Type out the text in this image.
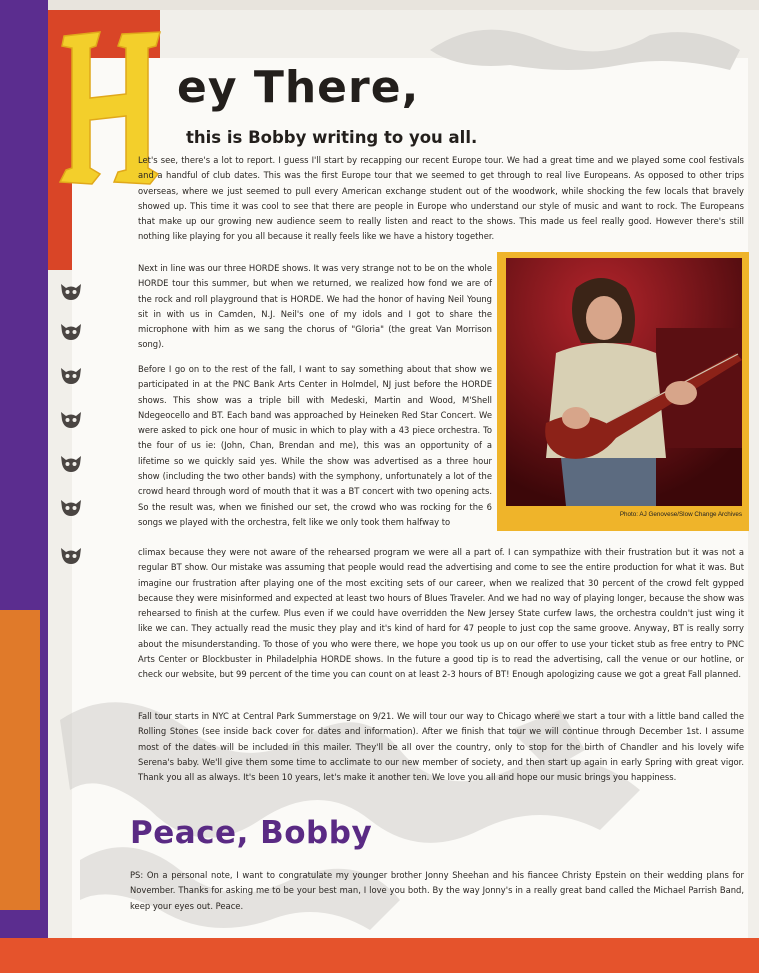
ey There,
this is Bobby writing to you all.

Let's see, there's a lot to report. I guess I'll start by recapping our recent Europe tour. We had a great time and we played some cool festivals and a handful of club dates. This was the first Europe tour that we seemed to get through to real live Europeans. As opposed to other trips overseas, where we just seemed to pull every American exchange student out of the woodwork, while shocking the few locals that bravely showed up. This time it was cool to see that there are people in Europe who understand our style of music and want to rock. The Europeans that make up our growing new audience seem to really listen and react to the shows. This made us feel really good. However there's still nothing like playing for you all because it really feels like we have a history together.

Next in line was our three HORDE shows. It was very strange not to be on the whole HORDE tour this summer, but when we returned, we realized how fond we are of the rock and roll playground that is HORDE. We had the honor of having Neil Young sit in with us in Camden, N.J. Neil's one of my idols and I got to share the microphone with him as we sang the chorus of "Gloria" (the great Van Morrison song).

Before I go on to the rest of the fall, I want to say something about that show we participated in at the PNC Bank Arts Center in Holmdel, NJ just before the HORDE shows. This show was a triple bill with Medeski, Martin and Wood, M'Shell Ndegeocello and BT. Each band was approached by Heineken Red Star Concert. We were asked to pick one hour of music in which to play with a 43 piece orchestra. To the four of us ie: (John, Chan, Brendan and me), this was an opportunity of a lifetime so we quickly said yes. While the show was advertised as a three hour show (including the two other bands) with the symphony, unfortunately a lot of the crowd heard through word of mouth that it was a BT concert with two opening acts. So the result was, when we finished our set, the crowd who was rocking for the 6 songs we played with the orchestra, felt like we only took them halfway to

climax because they were not aware of the rehearsed program we were all a part of. I can sympathize with their frustration but it was not a regular BT show. Our mistake was assuming that people would read the advertising and come to see the entire production for what it was. But imagine our frustration after playing one of the most exciting sets of our career, when we realized that 30 percent of the crowd felt gypped because they were misinformed and expected at least two hours of Blues Traveler. And we had no way of playing longer, because the show was rehearsed to finish at the curfew. Plus even if we could have overridden the New Jersey State curfew laws, the orchestra couldn't just wing it like we can. They actually read the music they play and it's kind of hard for 47 people to just cop the same groove. Anyway, BT is really sorry about the misunderstanding. To those of you who were there, we hope you took us up on our offer to use your ticket stub as free entry to PNC Arts Center or Blockbuster in Philadelphia HORDE shows. In the future a good tip is to read the advertising, call the venue or our hotline, or check our website, but 99 percent of the time you can count on at least 2-3 hours of BT! Enough apologizing cause we got a great Fall planned.

Fall tour starts in NYC at Central Park Summerstage on 9/21. We will tour our way to Chicago where we start a tour with a little band called the Rolling Stones (see inside back cover for dates and information). After we finish that tour we will continue through December 1st. I assume most of the dates will be included in this mailer. They'll be all over the country, only to stop for the birth of Chandler and his lovely wife Serena's baby. We'll give them some time to acclimate to our new member of society, and then start up again in early Spring with great vigor. Thank you all as always. It's been 10 years, let's make it another ten. We love you all and hope our music brings you happiness.

Photo: AJ Genovese/Slow Change Archives
Peace, Bobby

PS: On a personal note, I want to congratulate my younger brother Jonny Sheehan and his fiancee Christy Epstein on their wedding plans for November. Thanks for asking me to be your best man, I love you both. By the way Jonny's in a really great band called the Michael Parrish Band, keep your eyes out. Peace.
